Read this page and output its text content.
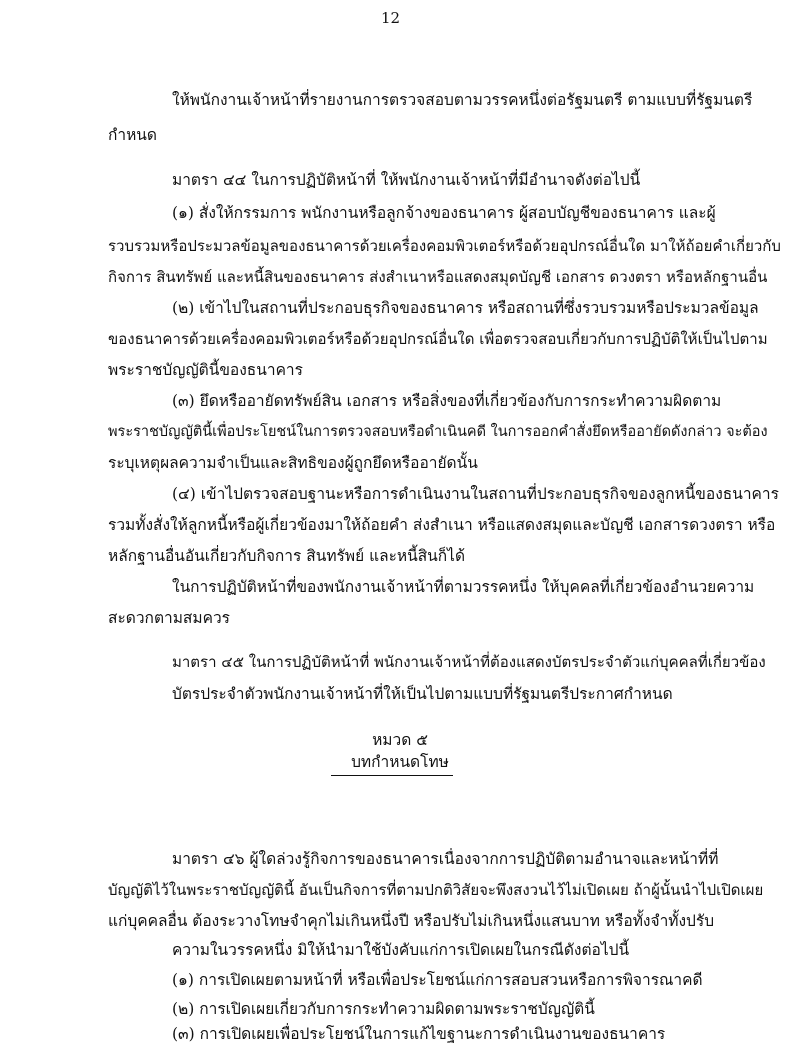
12
ให้พนักงานเจ้าหน้าที่รายงานการตรวจสอบตามวรรคหนึ่งต่อรัฐมนตรี ตามแบบที่รัฐมนตรี
กำหนด
มาตรา ๔๔ ในการปฏิบัติหน้าที่ ให้พนักงานเจ้าหน้าที่มีอำนาจดังต่อไปนี้
(๑) สั่งให้กรรมการ พนักงานหรือลูกจ้างของธนาคาร ผู้สอบบัญชีของธนาคาร และผู้
รวบรวมหรือประมวลข้อมูลของธนาคารด้วยเครื่องคอมพิวเตอร์หรือด้วยอุปกรณ์อื่นใด มาให้ถ้อยคำเกี่ยวกับ
กิจการ สินทรัพย์ และหนี้สินของธนาคาร ส่งสำเนาหรือแสดงสมุดบัญชี เอกสาร ดวงตรา หรือหลักฐานอื่น
(๒) เข้าไปในสถานที่ประกอบธุรกิจของธนาคาร หรือสถานที่ซึ่งรวบรวมหรือประมวลข้อมูล
ของธนาคารด้วยเครื่องคอมพิวเตอร์หรือด้วยอุปกรณ์อื่นใด เพื่อตรวจสอบเกี่ยวกับการปฏิบัติให้เป็นไปตาม
พระราชบัญญัตินี้ของธนาคาร
(๓) ยึดหรืออายัดทรัพย์สิน เอกสาร หรือสิ่งของที่เกี่ยวข้องกับการกระทำความผิดตาม
พระราชบัญญัตินี้เพื่อประโยชน์ในการตรวจสอบหรือดำเนินคดี ในการออกคำสั่งยึดหรืออายัดดังกล่าว จะต้อง
ระบุเหตุผลความจำเป็นและสิทธิของผู้ถูกยึดหรืออายัดนั้น
(๔) เข้าไปตรวจสอบฐานะหรือการดำเนินงานในสถานที่ประกอบธุรกิจของลูกหนี้ของธนาคาร
รวมทั้งสั่งให้ลูกหนี้หรือผู้เกี่ยวข้องมาให้ถ้อยคำ ส่งสำเนา หรือแสดงสมุดและบัญชี เอกสารดวงตรา หรือ
หลักฐานอื่นอันเกี่ยวกับกิจการ สินทรัพย์ และหนี้สินก็ได้
ในการปฏิบัติหน้าที่ของพนักงานเจ้าหน้าที่ตามวรรคหนึ่ง ให้บุคคลที่เกี่ยวข้องอำนวยความ
สะดวกตามสมควร
มาตรา ๔๕ ในการปฏิบัติหน้าที่ พนักงานเจ้าหน้าที่ต้องแสดงบัตรประจำตัวแก่บุคคลที่เกี่ยวข้อง
บัตรประจำตัวพนักงานเจ้าหน้าที่ให้เป็นไปตามแบบที่รัฐมนตรีประกาศกำหนด
หมวด ๕
บทกำหนดโทษ
มาตรา ๔๖ ผู้ใดล่วงรู้กิจการของธนาคารเนื่องจากการปฏิบัติตามอำนาจและหน้าที่ที่
บัญญัติไว้ในพระราชบัญญัตินี้ อันเป็นกิจการที่ตามปกติวิสัยจะพึงสงวนไว้ไม่เปิดเผย ถ้าผู้นั้นนำไปเปิดเผย
แก่บุคคลอื่น ต้องระวางโทษจำคุกไม่เกินหนึ่งปี หรือปรับไม่เกินหนึ่งแสนบาท หรือทั้งจำทั้งปรับ
ความในวรรคหนึ่ง มิให้นำมาใช้บังคับแก่การเปิดเผยในกรณีดังต่อไปนี้
(๑) การเปิดเผยตามหน้าที่ หรือเพื่อประโยชน์แก่การสอบสวนหรือการพิจารณาคดี
(๒) การเปิดเผยเกี่ยวกับการกระทำความผิดตามพระราชบัญญัตินี้
(๓) การเปิดเผยเพื่อประโยชน์ในการแก้ไขฐานะการดำเนินงานของธนาคาร
